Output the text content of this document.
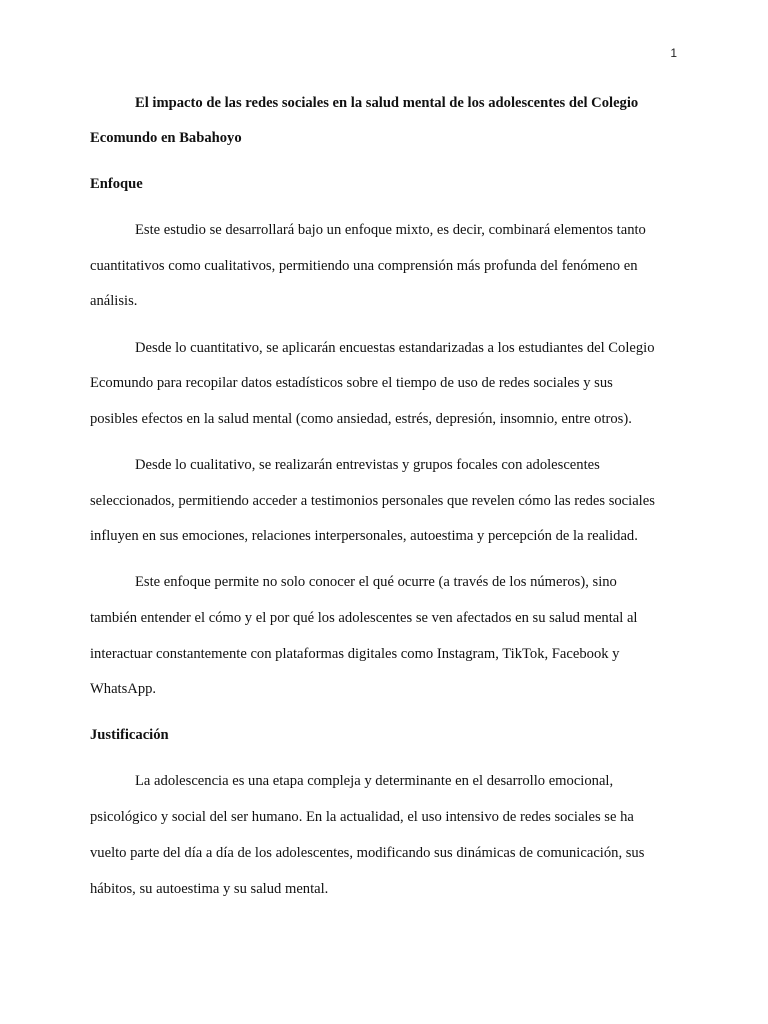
1
El impacto de las redes sociales en la salud mental de los adolescentes del Colegio
Ecomundo en Babahoyo
Enfoque
Este estudio se desarrollará bajo un enfoque mixto, es decir, combinará elementos tanto
cuantitativos como cualitativos, permitiendo una comprensión más profunda del fenómeno en
análisis.
Desde lo cuantitativo, se aplicarán encuestas estandarizadas a los estudiantes del Colegio
Ecomundo para recopilar datos estadísticos sobre el tiempo de uso de redes sociales y sus
posibles efectos en la salud mental (como ansiedad, estrés, depresión, insomnio, entre otros).
Desde lo cualitativo, se realizarán entrevistas y grupos focales con adolescentes
seleccionados, permitiendo acceder a testimonios personales que revelen cómo las redes sociales
influyen en sus emociones, relaciones interpersonales, autoestima y percepción de la realidad.
Este enfoque permite no solo conocer el qué ocurre (a través de los números), sino
también entender el cómo y el por qué los adolescentes se ven afectados en su salud mental al
interactuar constantemente con plataformas digitales como Instagram, TikTok, Facebook y
WhatsApp.
Justificación
La adolescencia es una etapa compleja y determinante en el desarrollo emocional,
psicológico y social del ser humano. En la actualidad, el uso intensivo de redes sociales se ha
vuelto parte del día a día de los adolescentes, modificando sus dinámicas de comunicación, sus
hábitos, su autoestima y su salud mental.
